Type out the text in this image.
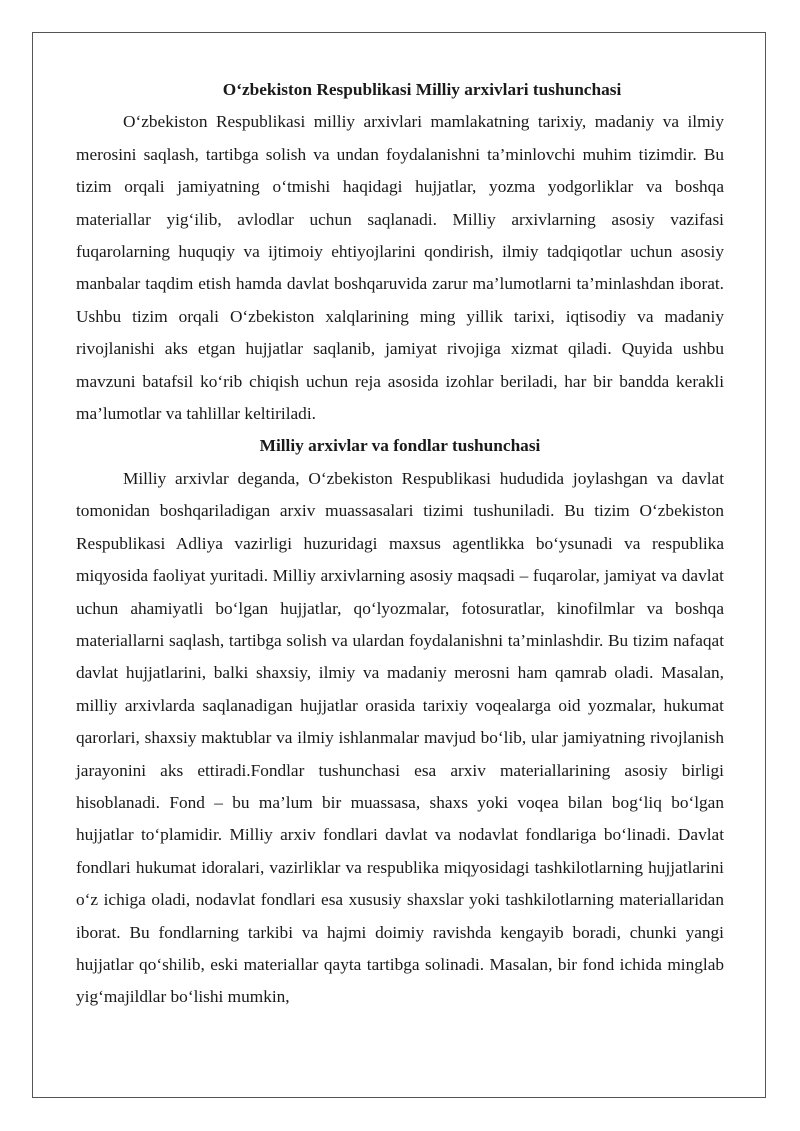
O‘zbekiston Respublikasi Milliy arxivlari tushunchasi

O‘zbekiston Respublikasi milliy arxivlari mamlakatning tarixiy, madaniy va ilmiy merosini saqlash, tartibga solish va undan foydalanishni ta’minlovchi muhim tizimdir. Bu tizim orqali jamiyatning o‘tmishi haqidagi hujjatlar, yozma yodgorliklar va boshqa materiallar yig‘ilib, avlodlar uchun saqlanadi. Milliy arxivlarning asosiy vazifasi fuqarolarning huquqiy va ijtimoiy ehtiyojlarini qondirish, ilmiy tadqiqotlar uchun asosiy manbalar taqdim etish hamda davlat boshqaruvida zarur ma’lumotlarni ta’minlashdan iborat. Ushbu tizim orqali O‘zbekiston xalqlarining ming yillik tarixi, iqtisodiy va madaniy rivojlanishi aks etgan hujjatlar saqlanib, jamiyat rivojiga xizmat qiladi. Quyida ushbu mavzuni batafsil ko‘rib chiqish uchun reja asosida izohlar beriladi, har bir bandda kerakli ma’lumotlar va tahlillar keltiriladi.

Milliy arxivlar va fondlar tushunchasi

Milliy arxivlar deganda, O‘zbekiston Respublikasi hududida joylashgan va davlat tomonidan boshqariladigan arxiv muassasalari tizimi tushuniladi. Bu tizim O‘zbekiston Respublikasi Adliya vazirligi huzuridagi maxsus agentlikka bo‘ysunadi va respublika miqyosida faoliyat yuritadi. Milliy arxivlarning asosiy maqsadi – fuqarolar, jamiyat va davlat uchun ahamiyatli bo‘lgan hujjatlar, qo‘lyozmalar, fotosuratlar, kinofilmlar va boshqa materiallarni saqlash, tartibga solish va ulardan foydalanishni ta’minlashdir. Bu tizim nafaqat davlat hujjatlarini, balki shaxsiy, ilmiy va madaniy merosni ham qamrab oladi. Masalan, milliy arxivlarda saqlanadigan hujjatlar orasida tarixiy voqealarga oid yozmalar, hukumat qarorlari, shaxsiy maktublar va ilmiy ishlanmalar mavjud bo‘lib, ular jamiyatning rivojlanish jarayonini aks ettiradi.Fondlar tushunchasi esa arxiv materiallarining asosiy birligi hisoblanadi. Fond – bu ma’lum bir muassasa, shaxs yoki voqea bilan bog‘liq bo‘lgan hujjatlar to‘plamidir. Milliy arxiv fondlari davlat va nodavlat fondlariga bo‘linadi. Davlat fondlari hukumat idoralari, vazirliklar va respublika miqyosidagi tashkilotlarning hujjatlarini o‘z ichiga oladi, nodavlat fondlari esa xususiy shaxslar yoki tashkilotlarning materiallaridan iborat. Bu fondlarning tarkibi va hajmi doimiy ravishda kengayib boradi, chunki yangi hujjatlar qo‘shilib, eski materiallar qayta tartibga solinadi. Masalan, bir fond ichida minglab yig‘majildlar bo‘lishi mumkin,
